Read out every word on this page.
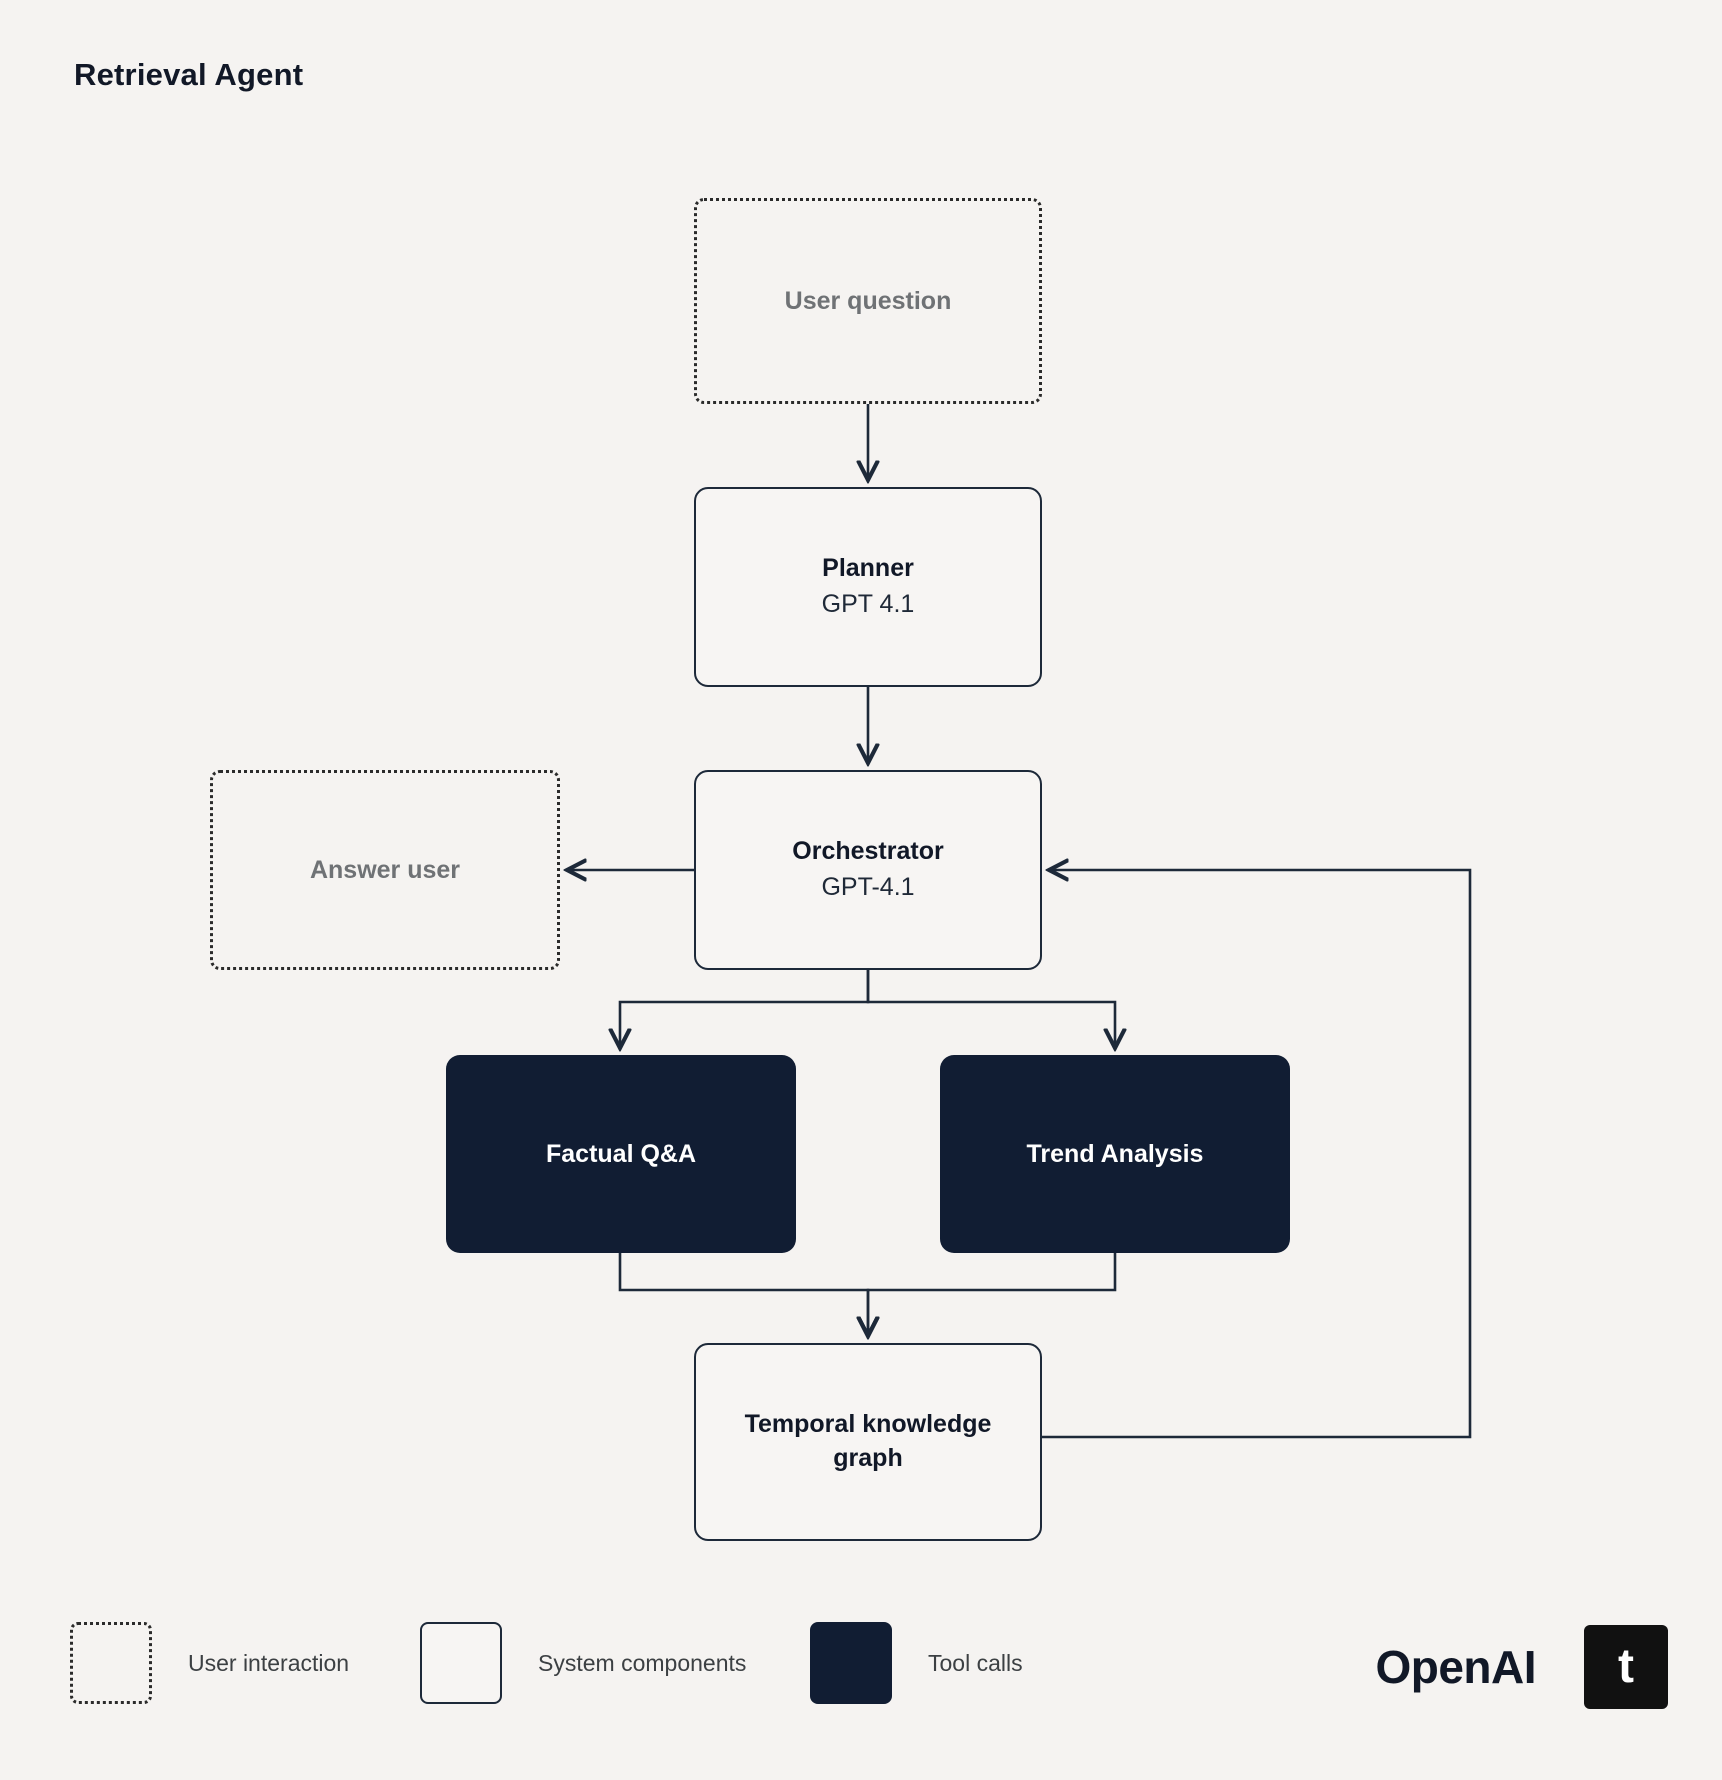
Retrieval Agent
User question
Planner
GPT 4.1
Orchestrator
GPT-4.1
Answer user
Factual Q&A	Trend Analysis
Temporal knowledge
graph
User interaction	System components	Tool calls	OpenAI	t
